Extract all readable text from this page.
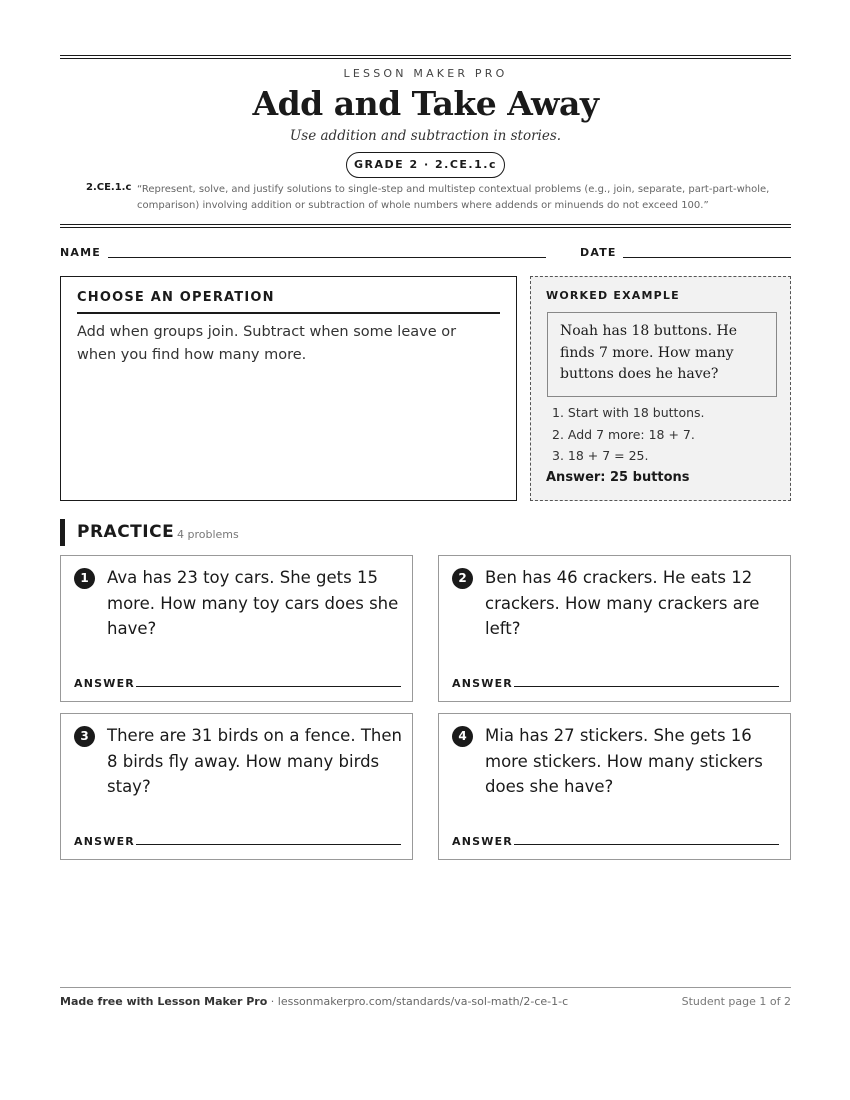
LESSON MAKER PRO
Add and Take Away
Use addition and subtraction in stories.
GRADE 2 · 2.CE.1.c
2.CE.1.c “Represent, solve, and justify solutions to single-step and multistep contextual problems (e.g., join, separate, part-part-whole, comparison) involving addition or subtraction of whole numbers where addends or minuends do not exceed 100.”
NAME	DATE
CHOOSE AN OPERATION
Add when groups join. Subtract when some leave or when you find how many more.
WORKED EXAMPLE
Noah has 18 buttons. He finds 7 more. How many buttons does he have?
1. Start with 18 buttons.
2. Add 7 more: 18 + 7.
3. 18 + 7 = 25.
Answer: 25 buttons
PRACTICE 4 problems
1	Ava has 23 toy cars. She gets 15 more. How many toy cars does she have?
ANSWER
2	Ben has 46 crackers. He eats 12 crackers. How many crackers are left?
ANSWER
3	There are 31 birds on a fence. Then 8 birds fly away. How many birds stay?
ANSWER
4	Mia has 27 stickers. She gets 16 more stickers. How many stickers does she have?
ANSWER
Made free with Lesson Maker Pro · lessonmakerpro.com/standards/va-sol-math/2-ce-1-c	Student page 1 of 2
